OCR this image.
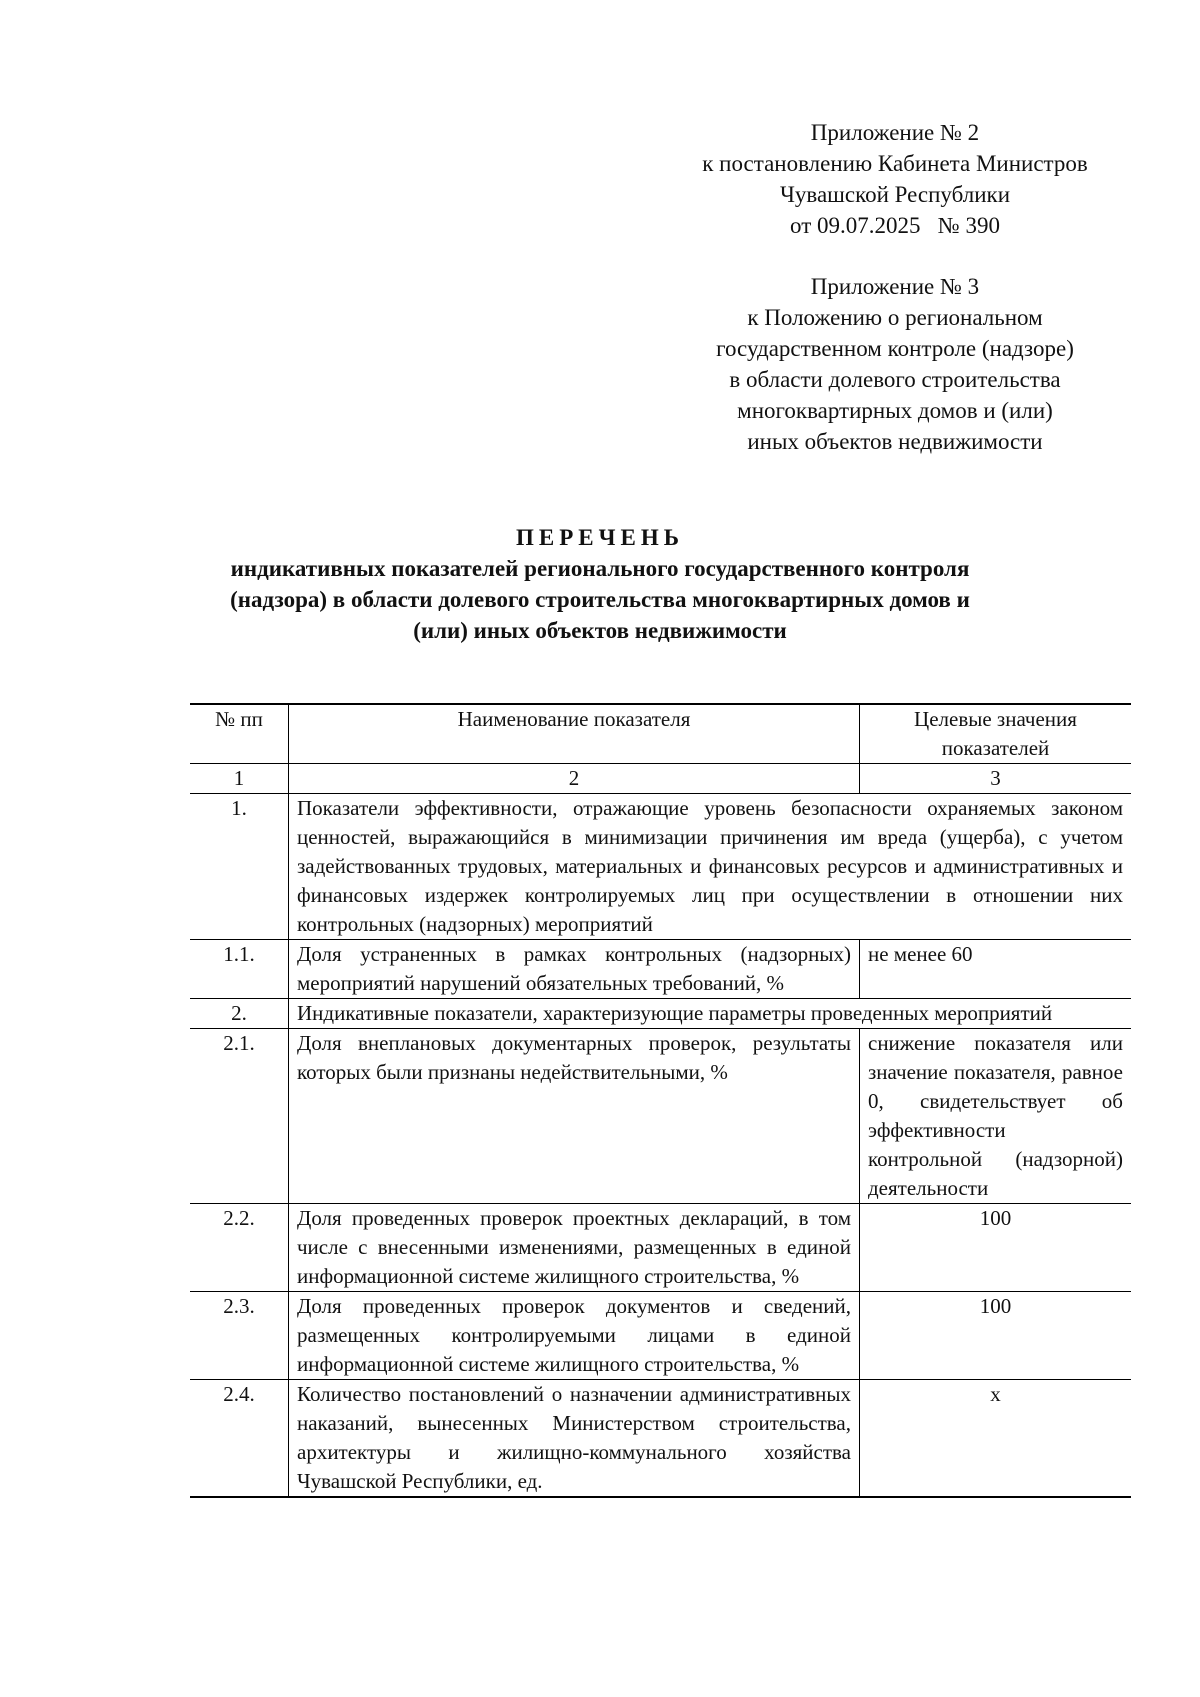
Приложение № 2
к постановлению Кабинета Министров
Чувашской Республики
от 09.07.2025   № 390
Приложение № 3
к Положению о региональном
государственном контроле (надзоре)
в области долевого строительства
многоквартирных домов и (или)
иных объектов недвижимости
ПЕРЕЧЕНЬ
индикативных показателей регионального государственного контроля
(надзора) в области долевого строительства многоквартирных домов и
(или) иных объектов недвижимости
№ пп	Наименование показателя	Целевые значения показателей
1	2	3
1.	Показатели эффективности, отражающие уровень безопасности охраняемых законом ценностей, выражающийся в минимизации причинения им вреда (ущерба), с учетом задействованных трудовых, материальных и финансовых ресурсов и административных и финансовых издержек контролируемых лиц при осуществлении в отношении них контрольных (надзорных) мероприятий	
1.1.	Доля устраненных в рамках контрольных (надзорных) мероприятий нарушений обязательных требований, %	не менее 60
2.	Индикативные показатели, характеризующие параметры проведенных мероприятий	
2.1.	Доля внеплановых документарных проверок, результаты которых были признаны недействительными, %	снижение показателя или значение показателя, равное 0, свидетельствует об эффективности контрольной (надзорной) деятельности
2.2.	Доля проведенных проверок проектных деклараций, в том числе с внесенными изменениями, размещенных в единой информационной системе жилищного строительства, %	100
2.3.	Доля проведенных проверок документов и сведений, размещенных контролируемыми лицами в единой информационной системе жилищного строительства, %	100
2.4.	Количество постановлений о назначении административных наказаний, вынесенных Министерством строительства, архитектуры и жилищно-коммунального хозяйства Чувашской Республики, ед.	х
